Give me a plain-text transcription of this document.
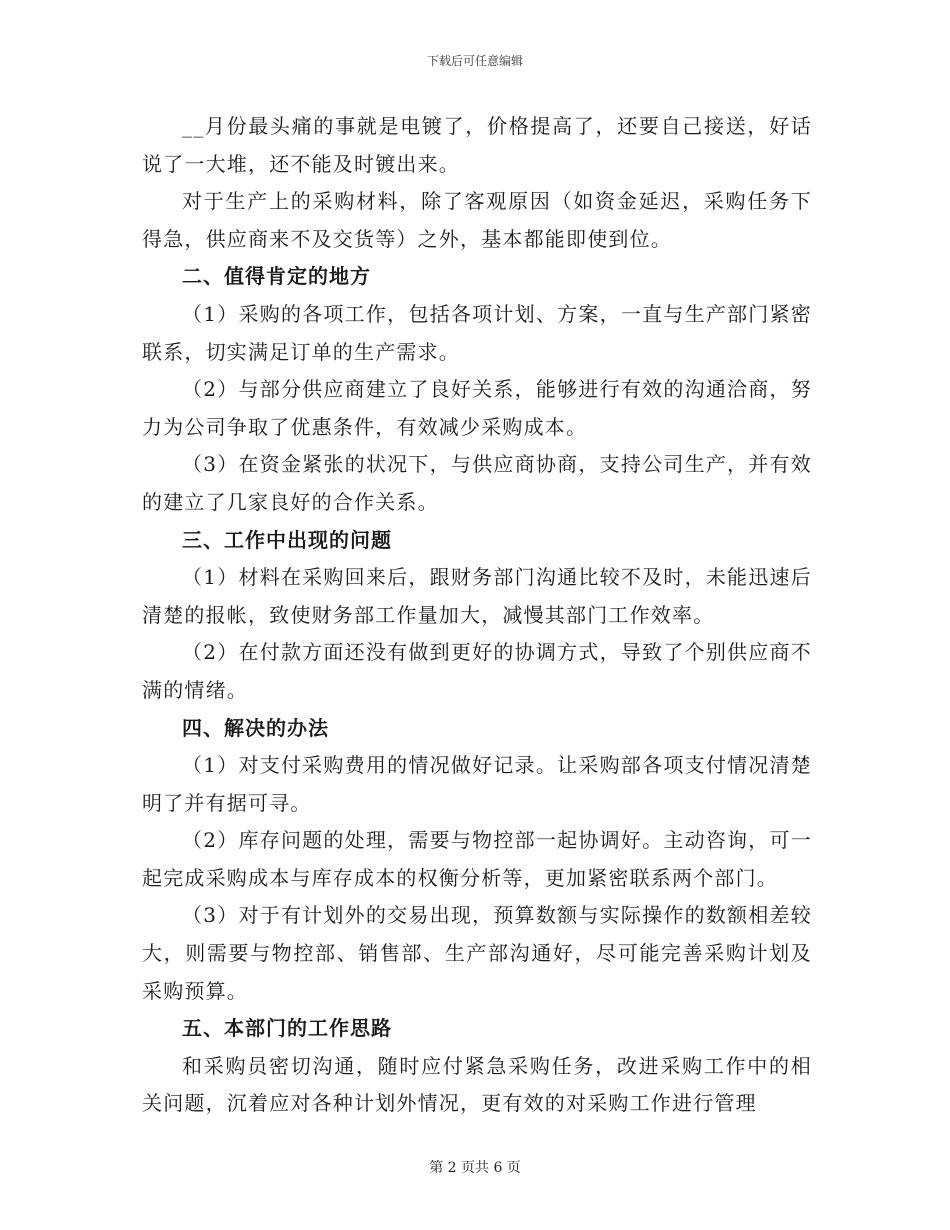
下载后可任意编辑

__月份最头痛的事就是电镀了，价格提高了，还要自己接送，好话说了一大堆，还不能及时镀出来。

对于生产上的采购材料，除了客观原因（如资金延迟，采购任务下得急，供应商来不及交货等）之外，基本都能即使到位。

二、值得肯定的地方

（1）采购的各项工作，包括各项计划、方案，一直与生产部门紧密联系，切实满足订单的生产需求。

（2）与部分供应商建立了良好关系，能够进行有效的沟通洽商，努力为公司争取了优惠条件，有效减少采购成本。

（3）在资金紧张的状况下，与供应商协商，支持公司生产，并有效的建立了几家良好的合作关系。

三、工作中出现的问题

（1）材料在采购回来后，跟财务部门沟通比较不及时，未能迅速后清楚的报帐，致使财务部工作量加大，减慢其部门工作效率。

（2）在付款方面还没有做到更好的协调方式，导致了个别供应商不满的情绪。

四、解决的办法

（1）对支付采购费用的情况做好记录。让采购部各项支付情况清楚明了并有据可寻。

（2）库存问题的处理，需要与物控部一起协调好。主动咨询，可一起完成采购成本与库存成本的权衡分析等，更加紧密联系两个部门。

（3）对于有计划外的交易出现，预算数额与实际操作的数额相差较大，则需要与物控部、销售部、生产部沟通好，尽可能完善采购计划及采购预算。

五、本部门的工作思路

和采购员密切沟通，随时应付紧急采购任务，改进采购工作中的相关问题，沉着应对各种计划外情况，更有效的对采购工作进行管理

第 2 页共 6 页
